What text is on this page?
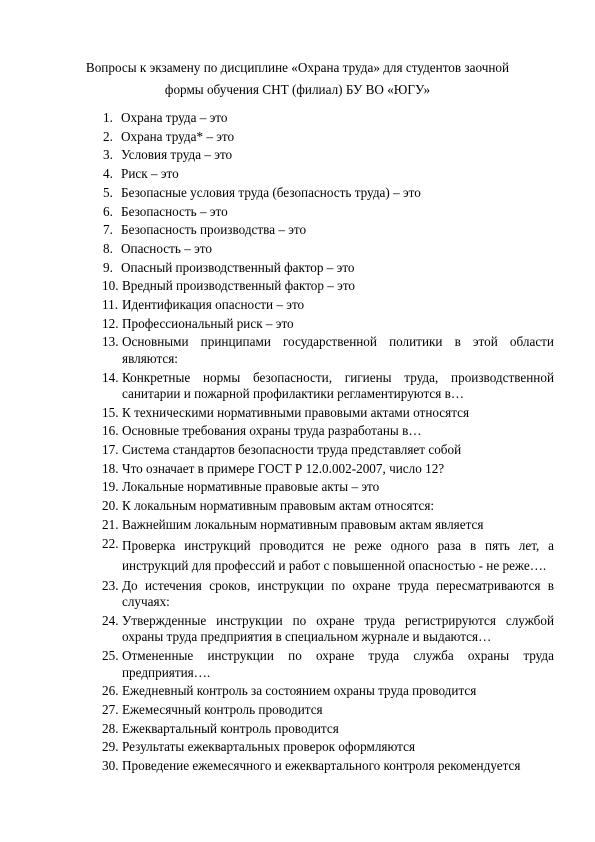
Вопросы к экзамену по дисциплине «Охрана труда» для студентов заочной
формы обучения СНТ (филиал) БУ ВО «ЮГУ»
1. Охрана труда – это
2. Охрана труда* – это
3. Условия труда – это
4. Риск – это
5. Безопасные условия труда (безопасность труда) – это
6. Безопасность – это
7. Безопасность производства – это
8. Опасность – это
9. Опасный производственный фактор – это
10. Вредный производственный фактор – это
11. Идентификация опасности – это
12. Профессиональный риск – это
13. Основными принципами государственной политики в этой области являются:
14. Конкретные нормы безопасности, гигиены труда, производственной санитарии и пожарной профилактики регламентируются в…
15. К техническими нормативными правовыми актами относятся
16. Основные требования охраны труда разработаны в…
17. Система стандартов безопасности труда представляет собой
18. Что означает в примере ГОСТ Р 12.0.002-2007, число 12?
19. Локальные нормативные правовые акты – это
20. К локальным нормативным правовым актам относятся:
21. Важнейшим локальным нормативным правовым актам является
22. Проверка инструкций проводится не реже одного раза в пять лет, а инструкций для профессий и работ с повышенной опасностью - не реже….
23. До истечения сроков, инструкции по охране труда пересматриваются в случаях:
24. Утвержденные инструкции по охране труда регистрируются службой охраны труда предприятия в специальном журнале и выдаются…
25. Отмененные инструкции по охране труда служба охраны труда предприятия….
26. Ежедневный контроль за состоянием охраны труда проводится
27. Ежемесячный контроль проводится
28. Ежеквартальный контроль проводится
29. Результаты ежеквартальных проверок оформляются
30. Проведение ежемесячного и ежеквартального контроля рекомендуется
